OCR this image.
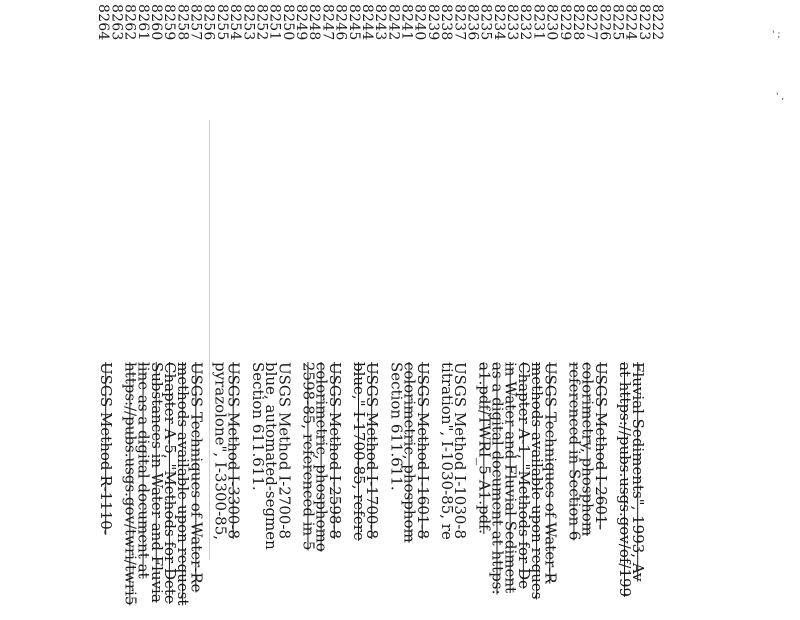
8222
8223
8224
8225
8226
8227
8228
8229
8230
8231
8232
8233
8234
8235
8236
8237
8238
8239
8240
8241
8242
8243
8244
8245
8246
8247
8248
8249
8250
8251
8252
8253
8254
8255
8256
8257
8258
8259
8260
8261
8262
8263
8264
Fluvial Sediments", 1993, Av
at https://pubs.usgs.gov/of/199
USGS Method I-2601-
colorimetry, phosphom
referenced in Section 6
USGS Techniques of Water-R
methods available upon reques
Chapter A-1, "Methods for De
in Water and Fluvial Sediment
as a digital document at https:
a1.pdf/TWRI_5-A1.pdf.
USGS Method I-1030-8
titration", I-1030-85, re
USGS Method I-1601-8
colorimetric, phosphom
Section 611.611.
USGS Method I-1700-8
blue," I-1700-85, refere
USGS Method I-2598-8
colorimetric, phosphomo
2598-85, referenced in 5
USGS Method I-2700-8
blue, automated-segmen
Section 611.611.
USGS Method I-3300-8
pyrazolone", I-3300-85,
USGS Techniques of Water-Re
methods available upon request
Chapter A-5, "Methods for Dete
Substances in Water and Fluvia
line as a digital document at
https://pubs.usgs.gov/twri/twri5
USGS Method R-1110-
' ;
' ,
